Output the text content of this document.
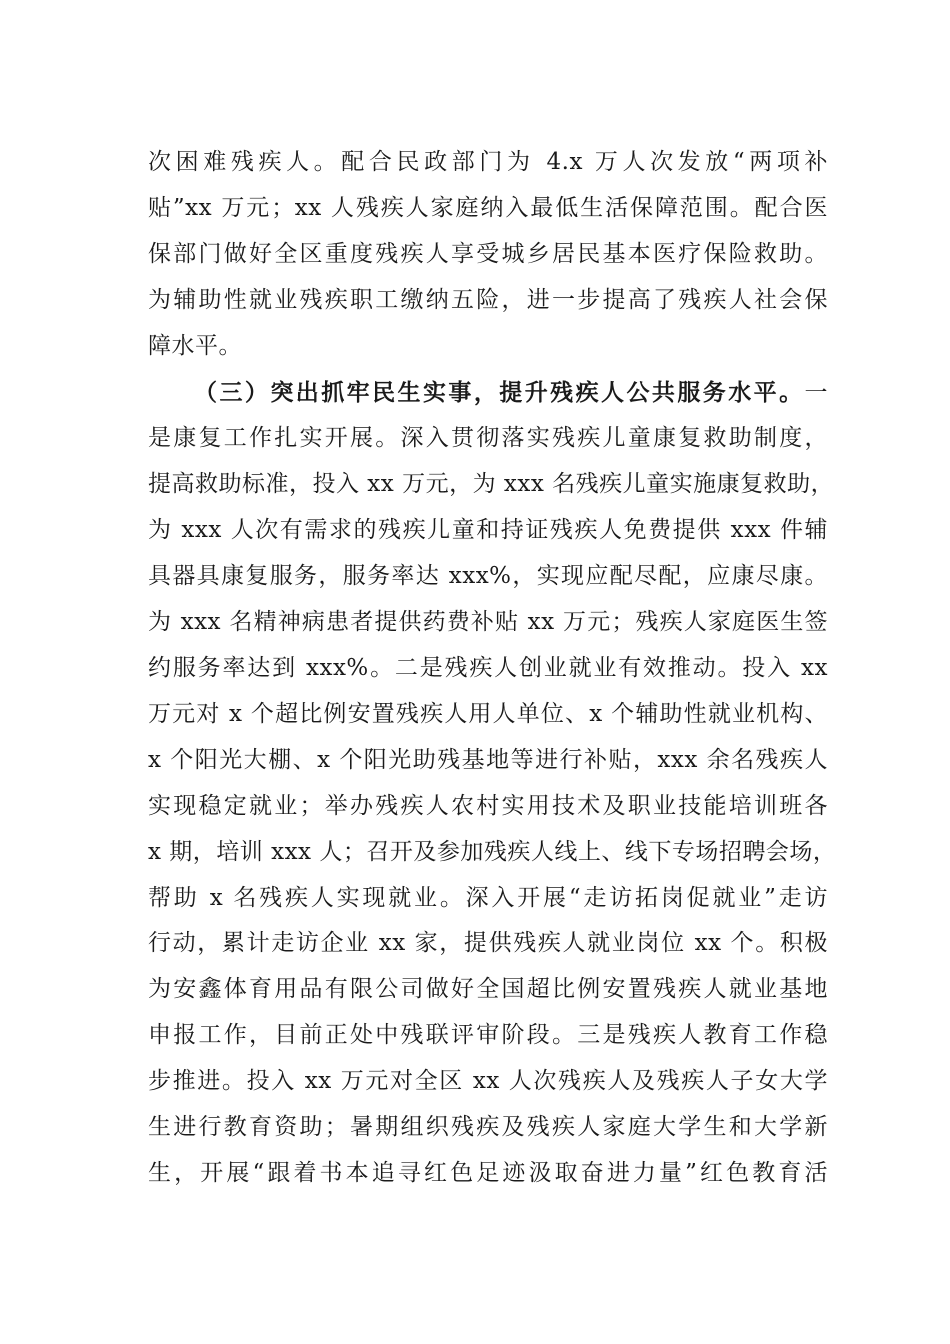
次困难残疾人。配合民政部门为 4.x 万人次发放“两项补
贴”xx 万元；xx 人残疾人家庭纳入最低生活保障范围。配合医
保部门做好全区重度残疾人享受城乡居民基本医疗保险救助。
为辅助性就业残疾职工缴纳五险，进一步提高了残疾人社会保
障水平。
（三）突出抓牢民生实事，提升残疾人公共服务水平。一
是康复工作扎实开展。深入贯彻落实残疾儿童康复救助制度，
提高救助标准，投入 xx 万元，为 xxx 名残疾儿童实施康复救助，
为 xxx 人次有需求的残疾儿童和持证残疾人免费提供 xxx 件辅
具器具康复服务，服务率达 xxx%，实现应配尽配，应康尽康。
为 xxx 名精神病患者提供药费补贴 xx 万元；残疾人家庭医生签
约服务率达到 xxx%。二是残疾人创业就业有效推动。投入 xx
万元对 x 个超比例安置残疾人用人单位、x 个辅助性就业机构、
x 个阳光大棚、x 个阳光助残基地等进行补贴，xxx 余名残疾人
实现稳定就业；举办残疾人农村实用技术及职业技能培训班各
x 期，培训 xxx 人；召开及参加残疾人线上、线下专场招聘会场，
帮助 x 名残疾人实现就业。深入开展“走访拓岗促就业”走访
行动，累计走访企业 xx 家，提供残疾人就业岗位 xx 个。积极
为安鑫体育用品有限公司做好全国超比例安置残疾人就业基地
申报工作，目前正处中残联评审阶段。三是残疾人教育工作稳
步推进。投入 xx 万元对全区 xx 人次残疾人及残疾人子女大学
生进行教育资助；暑期组织残疾及残疾人家庭大学生和大学新
生，开展“跟着书本追寻红色足迹汲取奋进力量”红色教育活
